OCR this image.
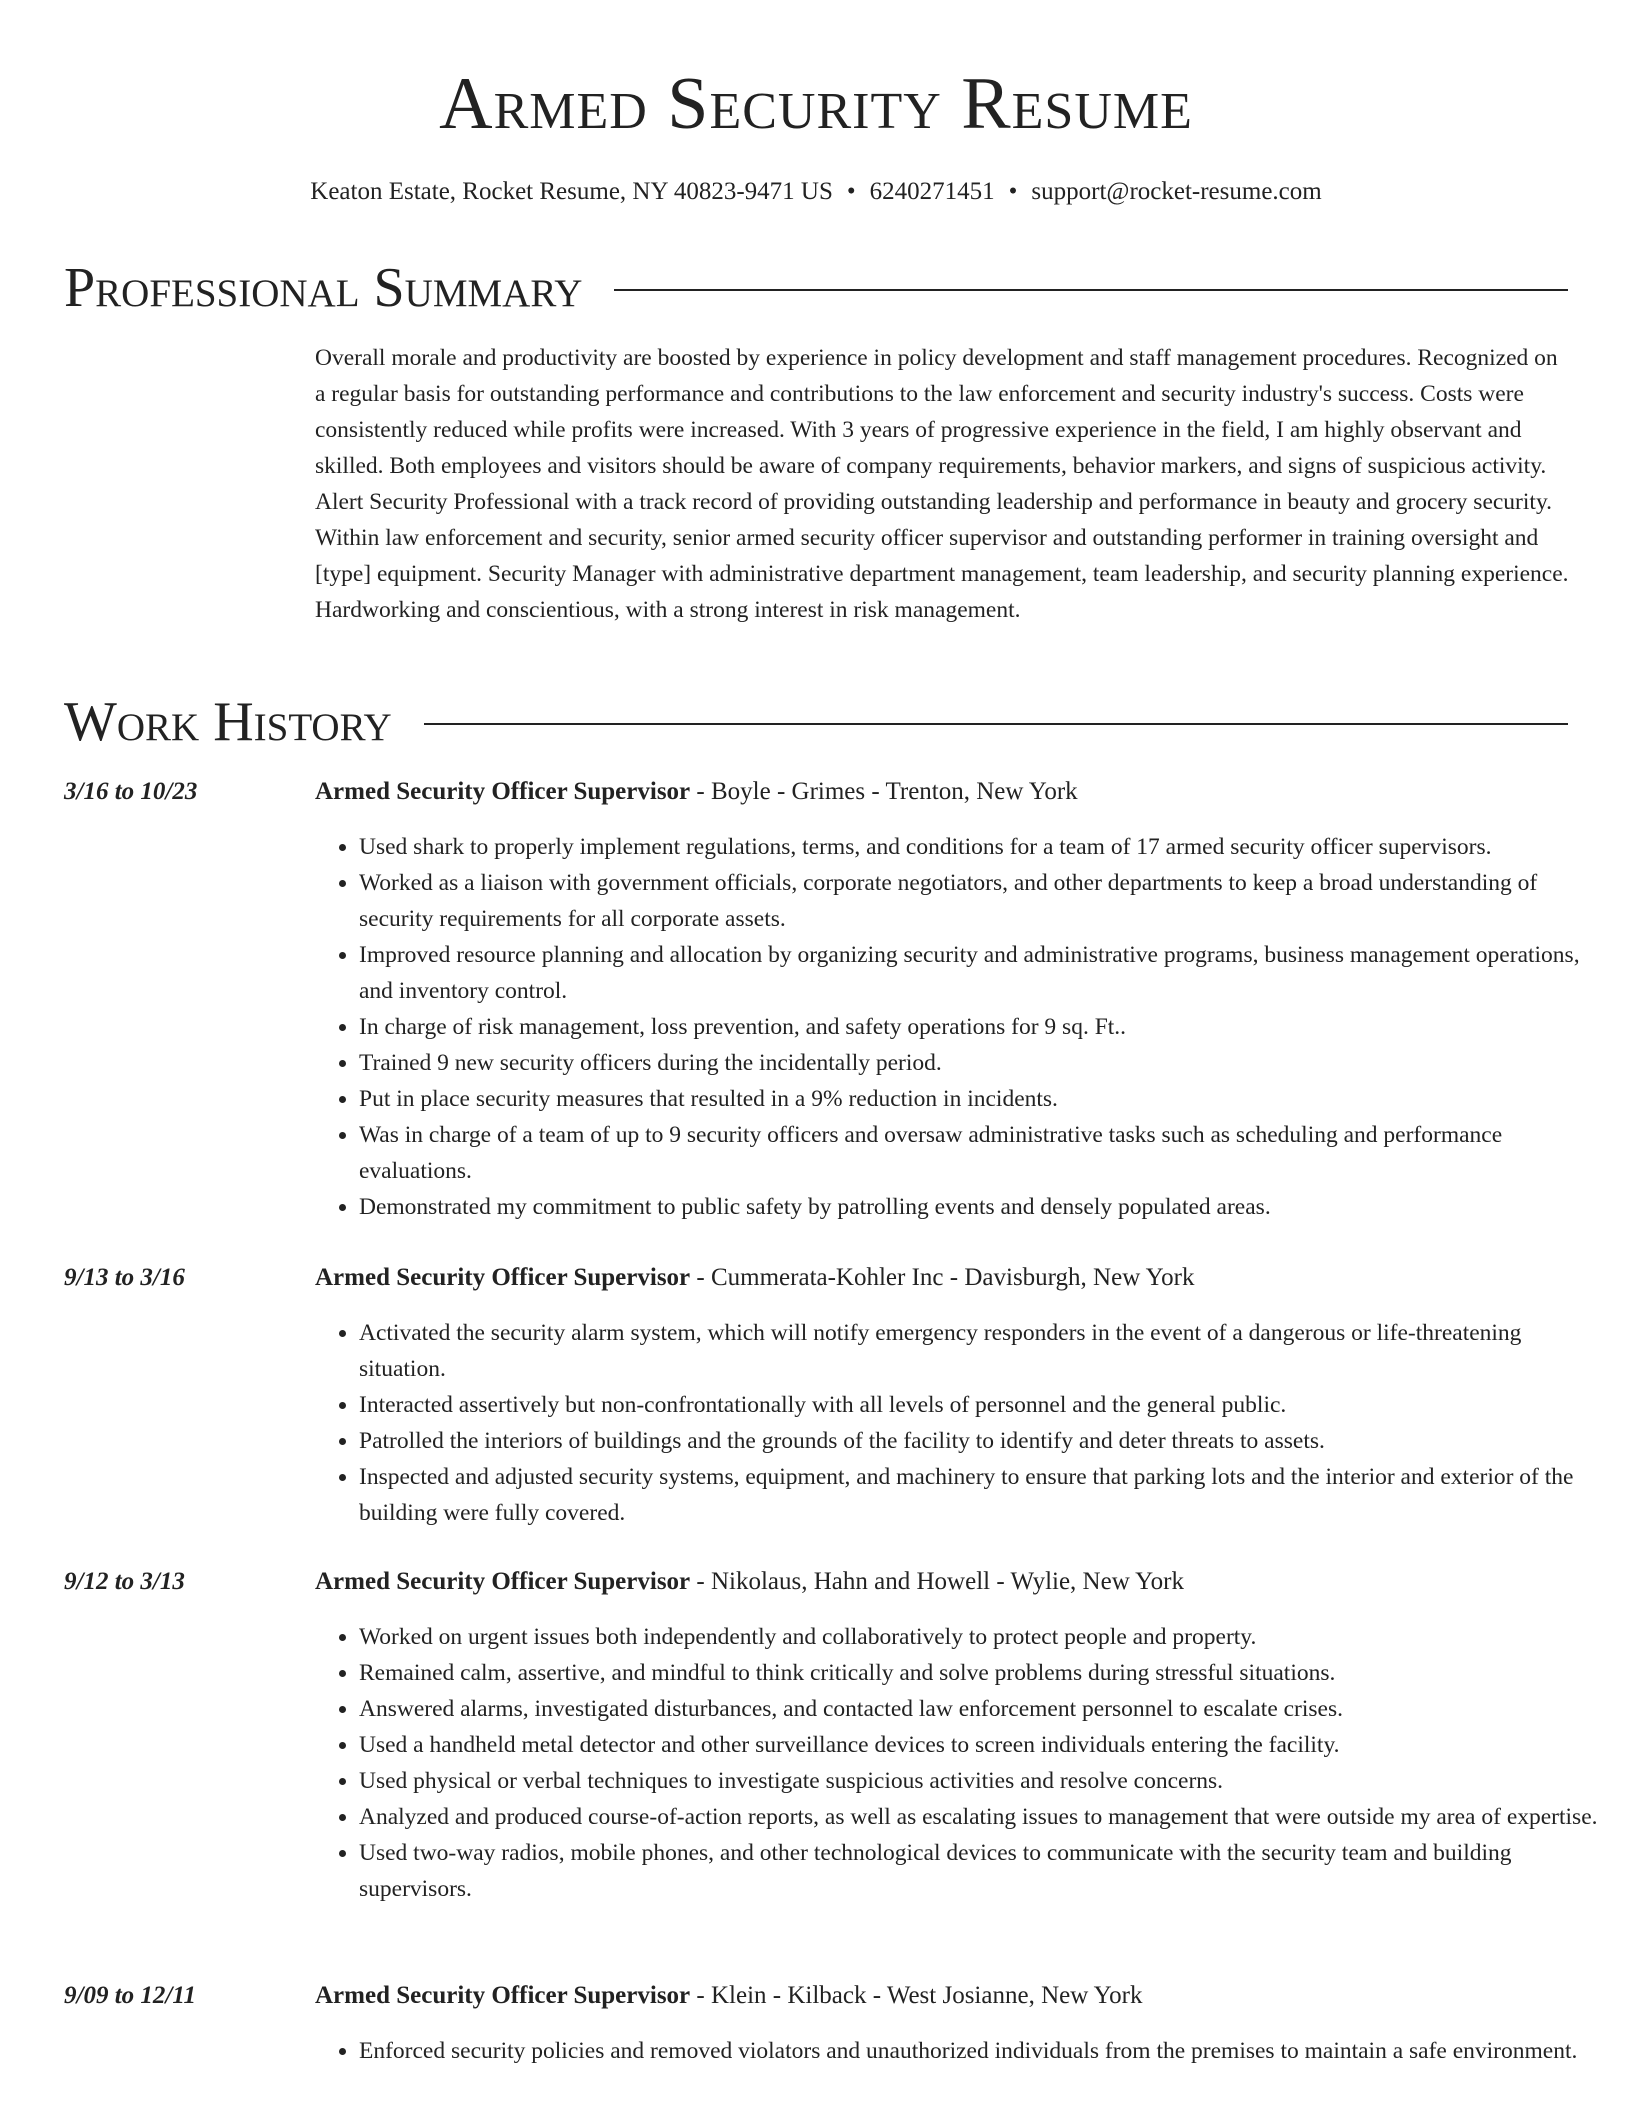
Armed Security Resume
Keaton Estate, Rocket Resume, NY 40823-9471 US • 6240271451 • support@rocket-resume.com
Professional Summary

Overall morale and productivity are boosted by experience in policy development and staff management procedures. Recognized on a regular basis for outstanding performance and contributions to the law enforcement and security industry's success. Costs were consistently reduced while profits were increased. With 3 years of progressive experience in the field, I am highly observant and skilled. Both employees and visitors should be aware of company requirements, behavior markers, and signs of suspicious activity. Alert Security Professional with a track record of providing outstanding leadership and performance in beauty and grocery security. Within law enforcement and security, senior armed security officer supervisor and outstanding performer in training oversight and [type] equipment. Security Manager with administrative department management, team leadership, and security planning experience. Hardworking and conscientious, with a strong interest in risk management.

Work History
3/16 to 10/23	Armed Security Officer Supervisor - Boyle - Grimes - Trenton, New York
• Used shark to properly implement regulations, terms, and conditions for a team of 17 armed security officer supervisors.
• Worked as a liaison with government officials, corporate negotiators, and other departments to keep a broad understanding of security requirements for all corporate assets.
• Improved resource planning and allocation by organizing security and administrative programs, business management operations, and inventory control.
• In charge of risk management, loss prevention, and safety operations for 9 sq. Ft..
• Trained 9 new security officers during the incidentally period.
• Put in place security measures that resulted in a 9% reduction in incidents.
• Was in charge of a team of up to 9 security officers and oversaw administrative tasks such as scheduling and performance evaluations.
• Demonstrated my commitment to public safety by patrolling events and densely populated areas.
9/13 to 3/16	Armed Security Officer Supervisor - Cummerata-Kohler Inc - Davisburgh, New York
• Activated the security alarm system, which will notify emergency responders in the event of a dangerous or life-threatening situation.
• Interacted assertively but non-confrontationally with all levels of personnel and the general public.
• Patrolled the interiors of buildings and the grounds of the facility to identify and deter threats to assets.
• Inspected and adjusted security systems, equipment, and machinery to ensure that parking lots and the interior and exterior of the building were fully covered.
9/12 to 3/13	Armed Security Officer Supervisor - Nikolaus, Hahn and Howell - Wylie, New York
• Worked on urgent issues both independently and collaboratively to protect people and property.
• Remained calm, assertive, and mindful to think critically and solve problems during stressful situations.
• Answered alarms, investigated disturbances, and contacted law enforcement personnel to escalate crises.
• Used a handheld metal detector and other surveillance devices to screen individuals entering the facility.
• Used physical or verbal techniques to investigate suspicious activities and resolve concerns.
• Analyzed and produced course-of-action reports, as well as escalating issues to management that were outside my area of expertise.
• Used two-way radios, mobile phones, and other technological devices to communicate with the security team and building supervisors.
9/09 to 12/11	Armed Security Officer Supervisor - Klein - Kilback - West Josianne, New York
• Enforced security policies and removed violators and unauthorized individuals from the premises to maintain a safe environment.
